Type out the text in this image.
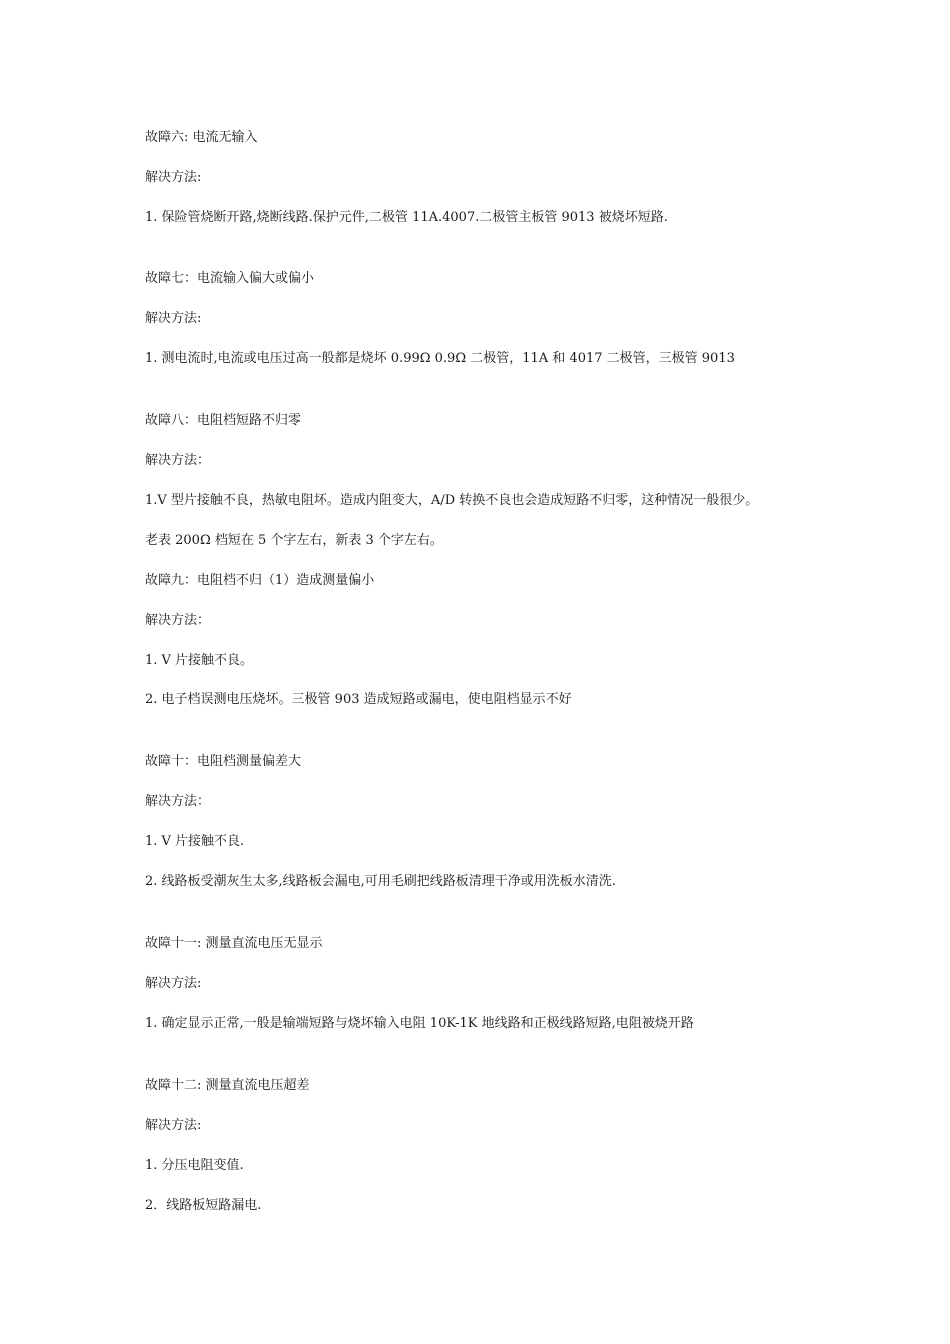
故障六: 电流无输入
解决方法:
1. 保险管烧断开路,烧断线路.保护元件,二极管 11A.4007.二极管主板管 9013 被烧坏短路.
故障七：电流输入偏大或偏小
解决方法:
1. 测电流时,电流或电压过高一般都是烧坏 0.99Ω 0.9Ω 二极管，11A 和 4017 二极管，三极管 9013
故障八：电阻档短路不归零
解决方法：
1.V 型片接触不良，热敏电阻坏。造成内阻变大，A/D 转换不良也会造成短路不归零，这种情况一般很少。
老表 200Ω 档短在 5 个字左右，新表 3 个字左右。
故障九：电阻档不归（1）造成测量偏小
解决方法：
1. V 片接触不良。
2. 电子档误测电压烧坏。三极管 903 造成短路或漏电，使电阻档显示不好
故障十：电阻档测量偏差大
解决方法：
1. V 片接触不良.
2. 线路板受潮灰生太多,线路板会漏电,可用毛刷把线路板清理干净或用洗板水清洗.
故障十一: 测量直流电压无显示
解决方法:
1. 确定显示正常,一般是输端短路与烧坏输入电阻 10K-1K 地线路和正极线路短路,电阻被烧开路
故障十二: 测量直流电压超差
解决方法:
1. 分压电阻变值.
2．线路板短路漏电.
